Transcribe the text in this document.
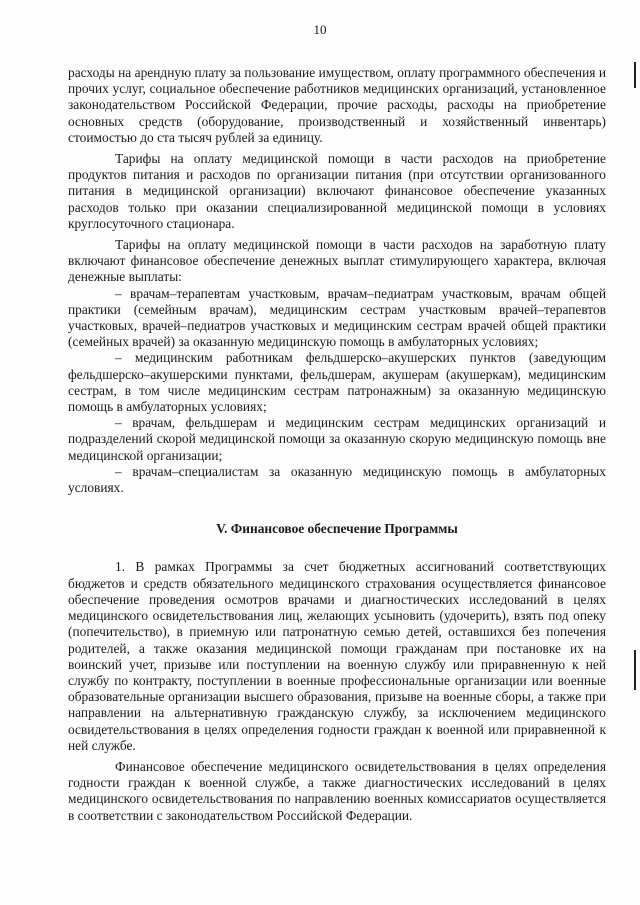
10

расходы на арендную плату за пользование имуществом, оплату программного обеспечения и прочих услуг, социальное обеспечение работников медицинских организаций, установленное законодательством Российской Федерации, прочие расходы, расходы на приобретение основных средств (оборудование, производственный и хозяйственный инвентарь) стоимостью до ста тысяч рублей за единицу.

Тарифы на оплату медицинской помощи в части расходов на приобретение продуктов питания и расходов по организации питания (при отсутствии организованного питания в медицинской организации) включают финансовое обеспечение указанных расходов только при оказании специализированной медицинской помощи в условиях круглосуточного стационара.

Тарифы на оплату медицинской помощи в части расходов на заработную плату включают финансовое обеспечение денежных выплат стимулирующего характера, включая денежные выплаты:

– врачам–терапевтам участковым, врачам–педиатрам участковым, врачам общей практики (семейным врачам), медицинским сестрам участковым врачей–терапевтов участковых, врачей–педиатров участковых и медицинским сестрам врачей общей практики (семейных врачей) за оказанную медицинскую помощь в амбулаторных условиях;

– медицинским работникам фельдшерско–акушерских пунктов (заведующим фельдшерско–акушерскими пунктами, фельдшерам, акушерам (акушеркам), медицинским сестрам, в том числе медицинским сестрам патронажным) за оказанную медицинскую помощь в амбулаторных условиях;

– врачам, фельдшерам и медицинским сестрам медицинских организаций и подразделений скорой медицинской помощи за оказанную скорую медицинскую помощь вне медицинской организации;

– врачам–специалистам за оказанную медицинскую помощь в амбулаторных условиях.

V. Финансовое обеспечение Программы

1. В рамках Программы за счет бюджетных ассигнований соответствующих бюджетов и средств обязательного медицинского страхования осуществляется финансовое обеспечение проведения осмотров врачами и диагностических исследований в целях медицинского освидетельствования лиц, желающих усыновить (удочерить), взять под опеку (попечительство), в приемную или патронатную семью детей, оставшихся без попечения родителей, а также оказания медицинской помощи гражданам при постановке их на воинский учет, призыве или поступлении на военную службу или приравненную к ней службу по контракту, поступлении в военные профессиональные организации или военные образовательные организации высшего образования, призыве на военные сборы, а также при направлении на альтернативную гражданскую службу, за исключением медицинского освидетельствования в целях определения годности граждан к военной или приравненной к ней службе.

Финансовое обеспечение медицинского освидетельствования в целях определения годности граждан к военной службе, а также диагностических исследований в целях медицинского освидетельствования по направлению военных комиссариатов осуществляется в соответствии с законодательством Российской Федерации.
